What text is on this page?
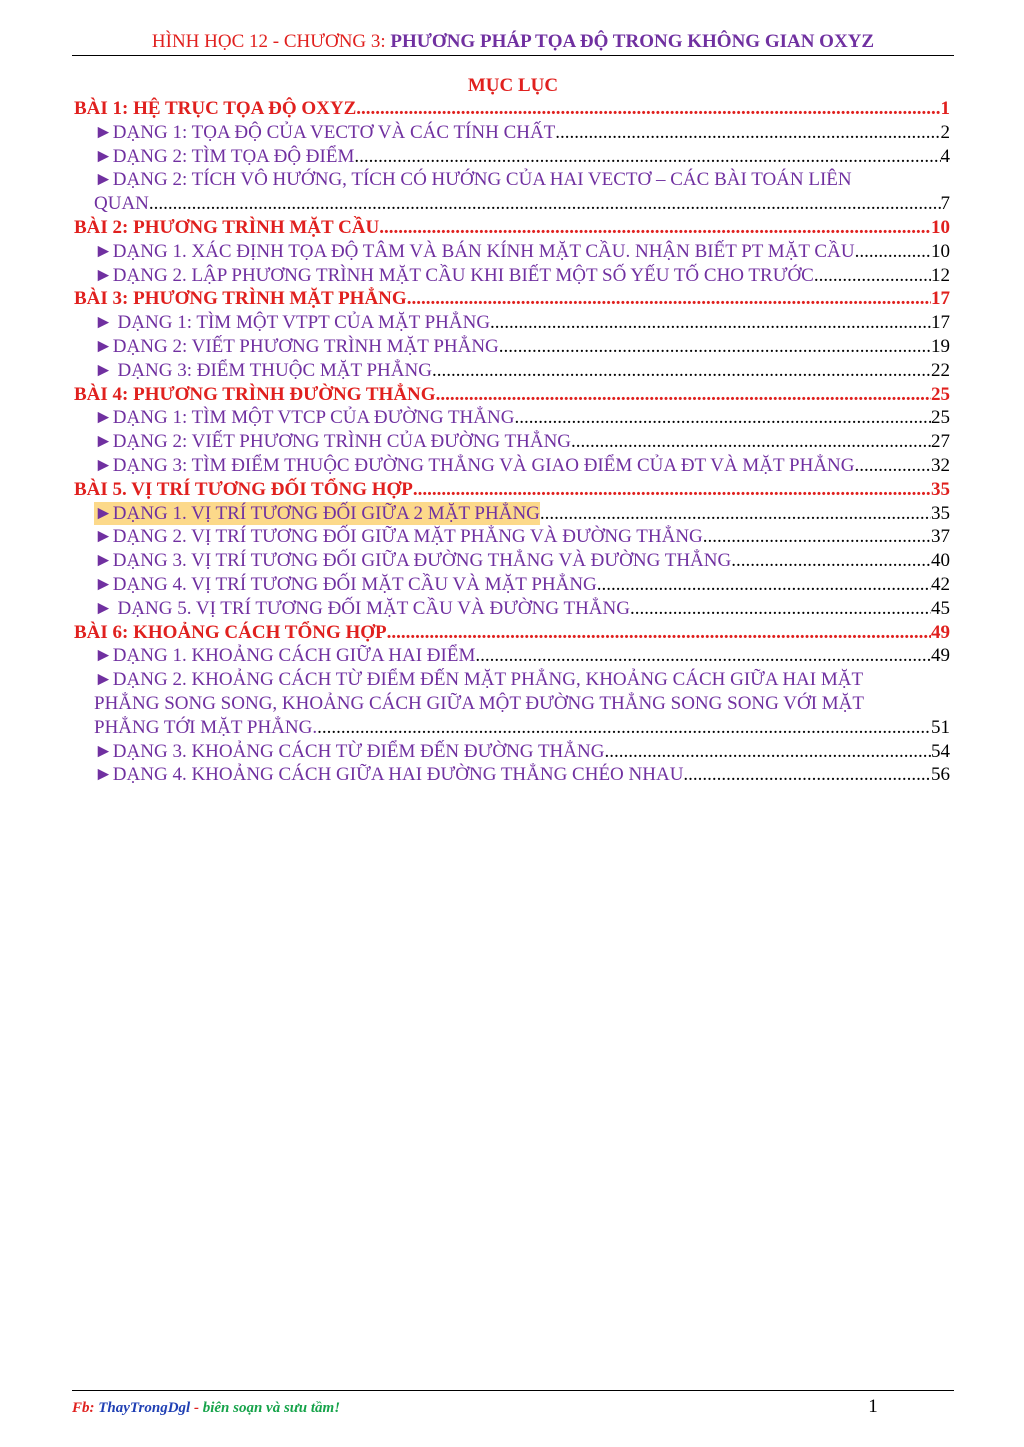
HÌNH HỌC 12 - CHƯƠNG 3: PHƯƠNG PHÁP TỌA ĐỘ TRONG KHÔNG GIAN OXYZ
MỤC LỤC
BÀI 1: HỆ TRỤC TỌA ĐỘ OXYZ .....	1
►DẠNG 1: TỌA ĐỘ CỦA VECTƠ VÀ CÁC TÍNH CHẤT .....	2
►DẠNG 2: TÌM TỌA ĐỘ ĐIỂM .....	4
►DẠNG 2: TÍCH VÔ HƯỚNG, TÍCH CÓ HƯỚNG CỦA HAI VECTƠ – CÁC BÀI TOÁN LIÊN
QUAN .....	7
BÀI 2: PHƯƠNG TRÌNH MẶT CẦU .....	10
►DẠNG 1. XÁC ĐỊNH TỌA ĐỘ TÂM VÀ BÁN KÍNH MẶT CẦU. NHẬN BIẾT PT MẶT CẦU .....	10
►DẠNG 2. LẬP PHƯƠNG TRÌNH MẶT CẦU KHI BIẾT MỘT SỐ YẾU TỐ CHO TRƯỚC .....	12
BÀI 3: PHƯƠNG TRÌNH MẶT PHẲNG .....	17
► DẠNG 1: TÌM MỘT VTPT CỦA MẶT PHẲNG .....	17
►DẠNG 2: VIẾT PHƯƠNG TRÌNH MẶT PHẲNG .....	19
► DẠNG 3: ĐIỂM THUỘC MẶT PHẲNG .....	22
BÀI 4: PHƯƠNG TRÌNH ĐƯỜNG THẲNG .....	25
►DẠNG 1: TÌM MỘT VTCP CỦA ĐƯỜNG THẲNG .....	25
►DẠNG 2: VIẾT PHƯƠNG TRÌNH CỦA ĐƯỜNG THẲNG .....	27
►DẠNG 3: TÌM ĐIỂM THUỘC ĐƯỜNG THẲNG VÀ GIAO ĐIỂM CỦA ĐT VÀ MẶT PHẲNG .....	32
BÀI 5. VỊ TRÍ TƯƠNG ĐỐI TỔNG HỢP .....	35
►DẠNG 1. VỊ TRÍ TƯƠNG ĐỐI GIỮA 2 MẶT PHẲNG .....	35
►DẠNG 2. VỊ TRÍ TƯƠNG ĐỐI GIỮA MẶT PHẲNG VÀ ĐƯỜNG THẲNG .....	37
►DẠNG 3. VỊ TRÍ TƯƠNG ĐỐI GIỮA ĐƯỜNG THẲNG VÀ ĐƯỜNG THẲNG .....	40
►DẠNG 4. VỊ TRÍ TƯƠNG ĐỐI MẶT CẦU VÀ MẶT PHẲNG .....	42
► DẠNG 5. VỊ TRÍ TƯƠNG ĐỐI MẶT CẦU VÀ ĐƯỜNG THẲNG .....	45
BÀI 6: KHOẢNG CÁCH TỔNG HỢP .....	49
►DẠNG 1. KHOẢNG CÁCH GIỮA HAI ĐIỂM .....	49
►DẠNG 2. KHOẢNG CÁCH TỪ ĐIỂM ĐẾN MẶT PHẲNG, KHOẢNG CÁCH GIỮA HAI MẶT
PHẲNG SONG SONG, KHOẢNG CÁCH GIỮA MỘT ĐƯỜNG THẲNG SONG SONG VỚI MẶT
PHẲNG TỚI MẶT PHẲNG. .....	51
►DẠNG 3. KHOẢNG CÁCH TỪ ĐIỂM ĐẾN ĐƯỜNG THẲNG .....	54
►DẠNG 4. KHOẢNG CÁCH GIỮA HAI ĐƯỜNG THẲNG CHÉO NHAU .....	56
Fb: ThayTrongDgl - biên soạn và sưu tầm!	1
